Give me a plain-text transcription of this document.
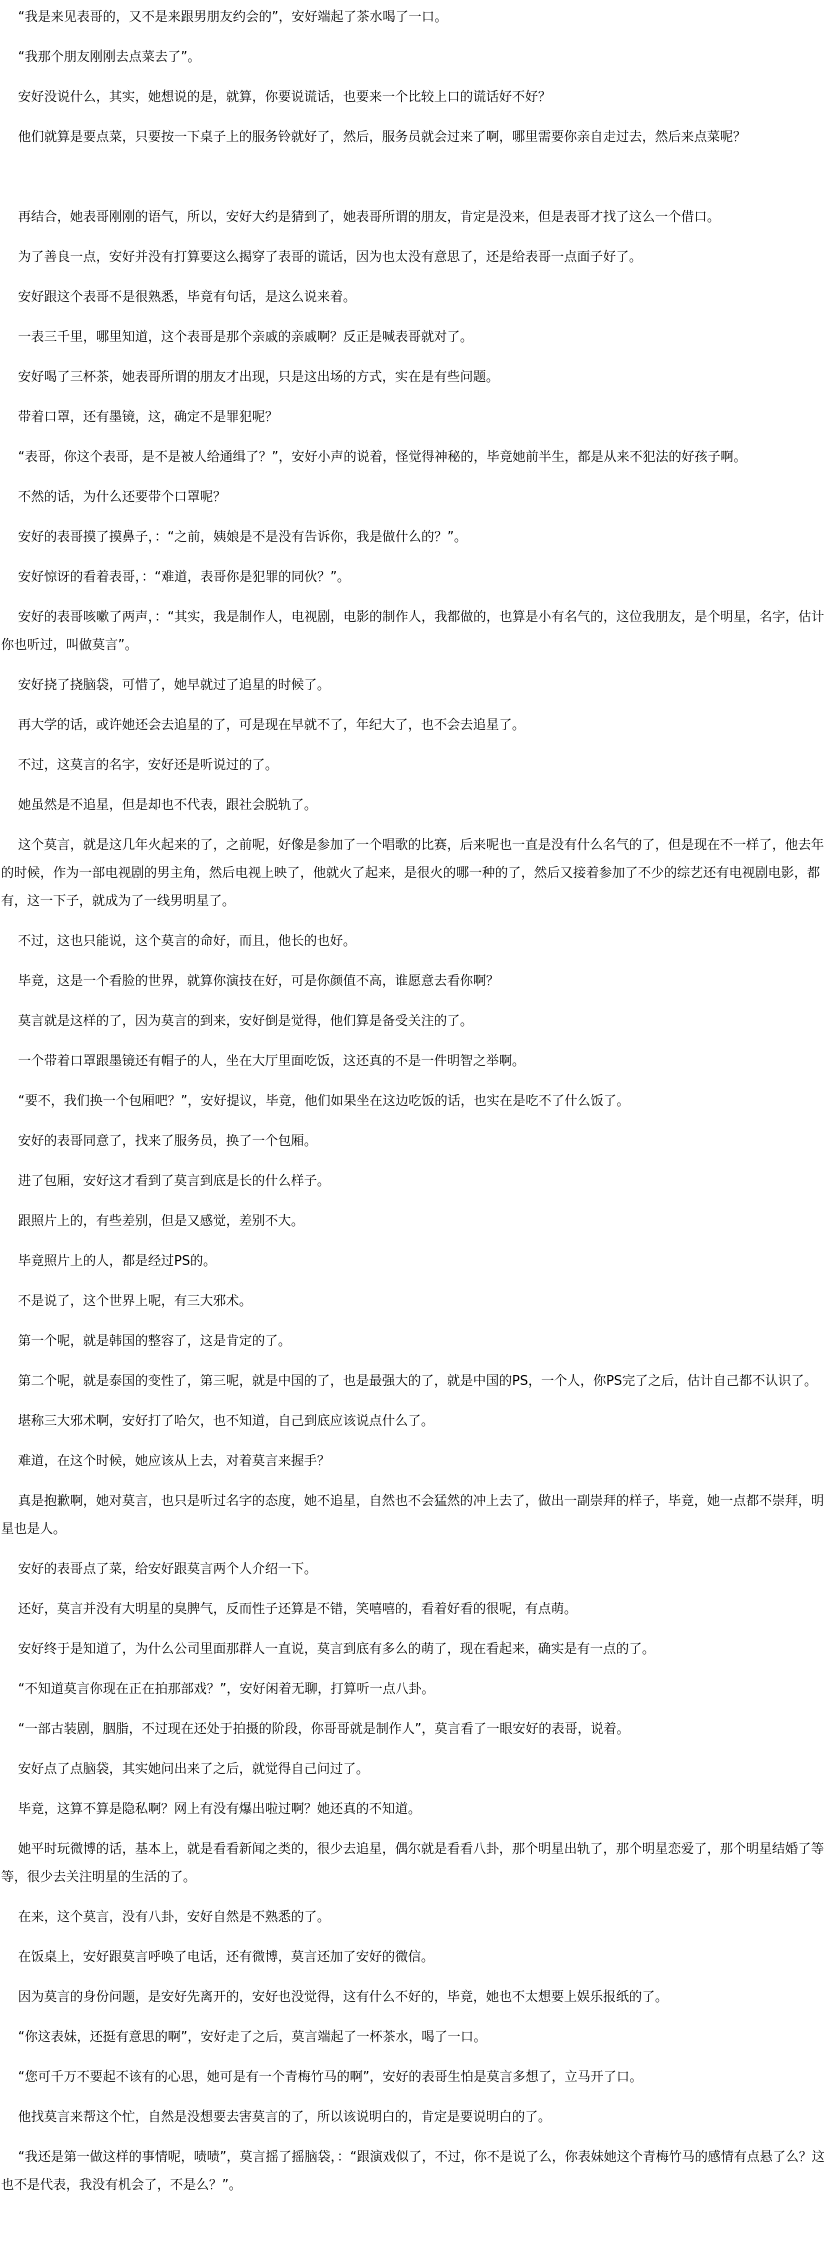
“我是来见表哥的，又不是来跟男朋友约会的”，安好端起了茶水喝了一口。

“我那个朋友刚刚去点菜去了”。

安好没说什么，其实，她想说的是，就算，你要说谎话，也要来一个比较上口的谎话好不好？

他们就算是要点菜，只要按一下桌子上的服务铃就好了，然后，服务员就会过来了啊，哪里需要你亲自走过去，然后来点菜呢？

再结合，她表哥刚刚的语气，所以，安好大约是猜到了，她表哥所谓的朋友，肯定是没来，但是表哥才找了这么一个借口。

为了善良一点，安好并没有打算要这么揭穿了表哥的谎话，因为也太没有意思了，还是给表哥一点面子好了。

安好跟这个表哥不是很熟悉，毕竟有句话，是这么说来着。

一表三千里，哪里知道，这个表哥是那个亲戚的亲戚啊？反正是喊表哥就对了。

安好喝了三杯茶，她表哥所谓的朋友才出现，只是这出场的方式，实在是有些问题。

带着口罩，还有墨镜，这，确定不是罪犯呢？

“表哥，你这个表哥，是不是被人给通缉了？”，安好小声的说着，怪觉得神秘的，毕竟她前半生，都是从来不犯法的好孩子啊。

不然的话，为什么还要带个口罩呢？

安好的表哥摸了摸鼻子，：“之前，姨娘是不是没有告诉你，我是做什么的？”。

安好惊讶的看着表哥，：“难道，表哥你是犯罪的同伙？”。

安好的表哥咳嗽了两声，：“其实，我是制作人，电视剧，电影的制作人，我都做的，也算是小有名气的，这位我朋友，是个明星，名字，估计你也听过，叫做莫言”。

安好挠了挠脑袋，可惜了，她早就过了追星的时候了。

再大学的话，或许她还会去追星的了，可是现在早就不了，年纪大了，也不会去追星了。

不过，这莫言的名字，安好还是听说过的了。

她虽然是不追星，但是却也不代表，跟社会脱轨了。

这个莫言，就是这几年火起来的了，之前呢，好像是参加了一个唱歌的比赛，后来呢也一直是没有什么名气的了，但是现在不一样了，他去年的时候，作为一部电视剧的男主角，然后电视上映了，他就火了起来，是很火的哪一种的了，然后又接着参加了不少的综艺还有电视剧电影，都有，这一下子，就成为了一线男明星了。

不过，这也只能说，这个莫言的命好，而且，他长的也好。

毕竟，这是一个看脸的世界，就算你演技在好，可是你颜值不高，谁愿意去看你啊？

莫言就是这样的了，因为莫言的到来，安好倒是觉得，他们算是备受关注的了。

一个带着口罩跟墨镜还有帽子的人，坐在大厅里面吃饭，这还真的不是一件明智之举啊。

“要不，我们换一个包厢吧？”，安好提议，毕竟，他们如果坐在这边吃饭的话，也实在是吃不了什么饭了。

安好的表哥同意了，找来了服务员，换了一个包厢。

进了包厢，安好这才看到了莫言到底是长的什么样子。

跟照片上的，有些差别，但是又感觉，差别不大。

毕竟照片上的人，都是经过PS的。

不是说了，这个世界上呢，有三大邪术。

第一个呢，就是韩国的整容了，这是肯定的了。

第二个呢，就是泰国的变性了，第三呢，就是中国的了，也是最强大的了，就是中国的PS，一个人，你PS完了之后，估计自己都不认识了。

堪称三大邪术啊，安好打了哈欠，也不知道，自己到底应该说点什么了。

难道，在这个时候，她应该从上去，对着莫言来握手？

真是抱歉啊，她对莫言，也只是听过名字的态度，她不追星，自然也不会猛然的冲上去了，做出一副崇拜的样子，毕竟，她一点都不崇拜，明星也是人。

安好的表哥点了菜，给安好跟莫言两个人介绍一下。

还好，莫言并没有大明星的臭脾气，反而性子还算是不错，笑嘻嘻的，看着好看的很呢，有点萌。

安好终于是知道了，为什么公司里面那群人一直说，莫言到底有多么的萌了，现在看起来，确实是有一点的了。

“不知道莫言你现在正在拍那部戏？”，安好闲着无聊，打算听一点八卦。

“一部古装剧，胭脂，不过现在还处于拍摄的阶段，你哥哥就是制作人”，莫言看了一眼安好的表哥，说着。

安好点了点脑袋，其实她问出来了之后，就觉得自己问过了。

毕竟，这算不算是隐私啊？网上有没有爆出啦过啊？她还真的不知道。

她平时玩微博的话，基本上，就是看看新闻之类的，很少去追星，偶尔就是看看八卦，那个明星出轨了，那个明星恋爱了，那个明星结婚了等等，很少去关注明星的生活的了。

在来，这个莫言，没有八卦，安好自然是不熟悉的了。

在饭桌上，安好跟莫言呼唤了电话，还有微博，莫言还加了安好的微信。

因为莫言的身份问题，是安好先离开的，安好也没觉得，这有什么不好的，毕竟，她也不太想要上娱乐报纸的了。

“你这表妹，还挺有意思的啊”，安好走了之后，莫言端起了一杯茶水，喝了一口。

“您可千万不要起不该有的心思，她可是有一个青梅竹马的啊”，安好的表哥生怕是莫言多想了，立马开了口。

他找莫言来帮这个忙，自然是没想要去害莫言的了，所以该说明白的，肯定是要说明白的了。

“我还是第一做这样的事情呢，啧啧”，莫言摇了摇脑袋，：“跟演戏似了，不过，你不是说了么，你表妹她这个青梅竹马的感情有点悬了么？这也不是代表，我没有机会了，不是么？”。
